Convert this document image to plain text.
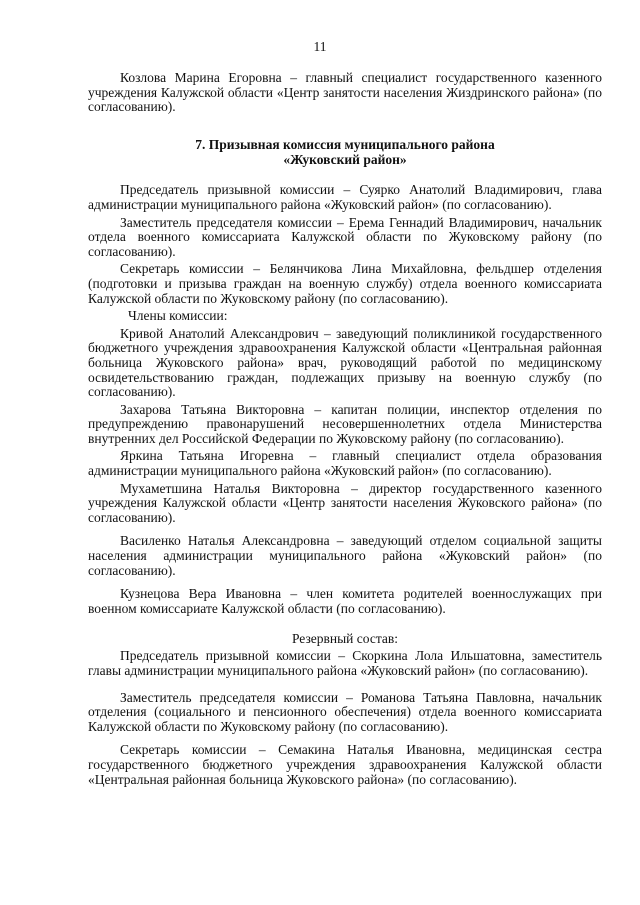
11

Козлова Марина Егоровна – главный специалист государственного казенного учреждения Калужской области «Центр занятости населения Жиздринского района» (по согласованию).

7. Призывная комиссия муниципального района
«Жуковский район»

Председатель призывной комиссии – Суярко Анатолий Владимирович, глава администрации муниципального района «Жуковский район» (по согласованию).

Заместитель председателя комиссии – Ерема Геннадий Владимирович, начальник отдела военного комиссариата Калужской области по Жуковскому району (по согласованию).

Секретарь комиссии – Белянчикова Лина Михайловна, фельдшер отделения (подготовки и призыва граждан на военную службу) отдела военного комиссариата Калужской области по Жуковскому району (по согласованию).

Члены комиссии:

Кривой Анатолий Александрович – заведующий поликлиникой государственного бюджетного учреждения здравоохранения Калужской области «Центральная районная больница Жуковского района» врач, руководящий работой по медицинскому освидетельствованию граждан, подлежащих призыву на военную службу (по согласованию).

Захарова Татьяна Викторовна – капитан полиции, инспектор отделения по предупреждению правонарушений несовершеннолетних отдела Министерства внутренних дел Российской Федерации по Жуковскому району (по согласованию).

Яркина Татьяна Игоревна – главный специалист отдела образования администрации муниципального района «Жуковский район» (по согласованию).

Мухаметшина Наталья Викторовна – директор государственного казенного учреждения Калужской области «Центр занятости населения Жуковского района» (по согласованию).

Василенко Наталья Александровна – заведующий отделом социальной защиты населения администрации муниципального района «Жуковский район» (по согласованию).

Кузнецова Вера Ивановна – член комитета родителей военнослужащих при военном комиссариате Калужской области (по согласованию).

Резервный состав:

Председатель призывной комиссии – Скоркина Лола Ильшатовна, заместитель главы администрации муниципального района «Жуковский район» (по согласованию).

Заместитель председателя комиссии – Романова Татьяна Павловна, начальник отделения (социального и пенсионного обеспечения) отдела военного комиссариата Калужской области по Жуковскому району (по согласованию).

Секретарь комиссии – Семакина Наталья Ивановна, медицинская сестра государственного бюджетного учреждения здравоохранения Калужской области «Центральная районная больница Жуковского района» (по согласованию).
